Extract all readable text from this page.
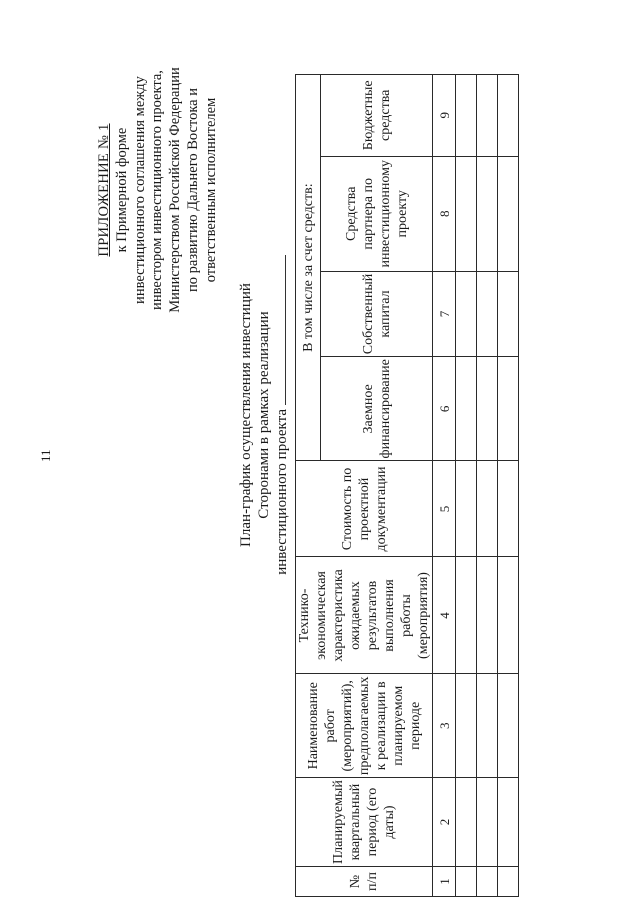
11
ПРИЛОЖЕНИЕ № 1 к Примерной форме инвестиционного соглашения между инвестором инвестиционного проекта, Министерством Российской Федерации по развитию Дальнего Востока и ответственным исполнителем
План-график осуществления инвестиций Сторонами в рамках реализации инвестиционного проекта
№ п/п	Планируемый квартальный период (его даты)	Наименование работ (мероприятий), предполагаемых к реализации в планируемом периоде	Технико-экономическая характеристика ожидаемых результатов выполнения работы (мероприятия)	Стоимость по проектной документации	В том числе за счет средств:			
					Заемное финансирование	Собственный капитал	Средства партнера по инвестиционному проекту	Бюджетные средства
1	2	3	4	5	6	7	8	9
